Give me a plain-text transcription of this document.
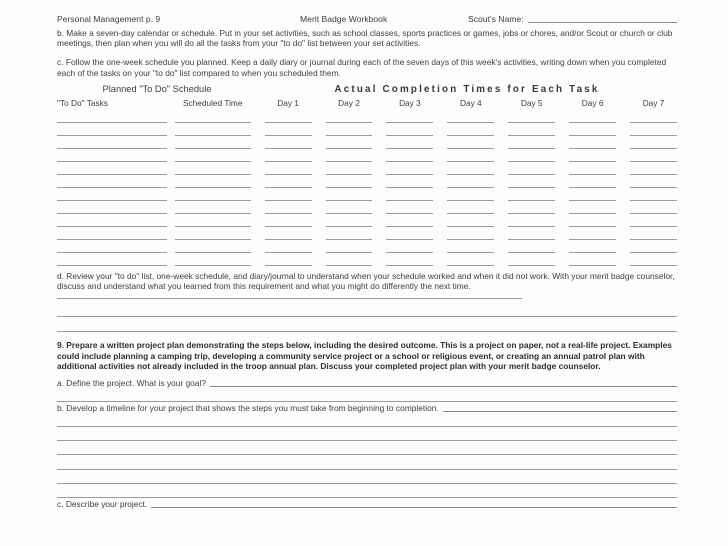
Personal Management p. 9	Merit Badge Workbook	Scout's Name:
b. Make a seven-day calendar or schedule. Put in your set activities, such as school classes, sports practices or games, jobs or chores, and/or Scout or church or club meetings, then plan when you will do all the tasks from your "to do" list between your set activities.
c. Follow the one-week schedule you planned. Keep a daily diary or journal during each of the seven days of this week's activities, writing down when you completed each of the tasks on your "to do" list compared to when you scheduled them.
Planned "To Do" Schedule	Actual Completion Times for Each Task
"To Do" Tasks	Scheduled Time	Day 1	Day 2	Day 3	Day 4	Day 5	Day 6	Day 7
d. Review your "to do" list, one-week schedule, and diary/journal to understand when your schedule worked and when it did not work. With your merit badge counselor, discuss and understand what you learned from this requirement and what you might do differently the next time.
9. Prepare a written project plan demonstrating the steps below, including the desired outcome. This is a project on paper, not a real-life project. Examples could include planning a camping trip, developing a community service project or a school or religious event, or creating an annual patrol plan with additional activities not already included in the troop annual plan. Discuss your completed project plan with your merit badge counselor.
a. Define the project. What is your goal?
b. Develop a timeline for your project that shows the steps you must take from beginning to completion.
c. Describe your project.
